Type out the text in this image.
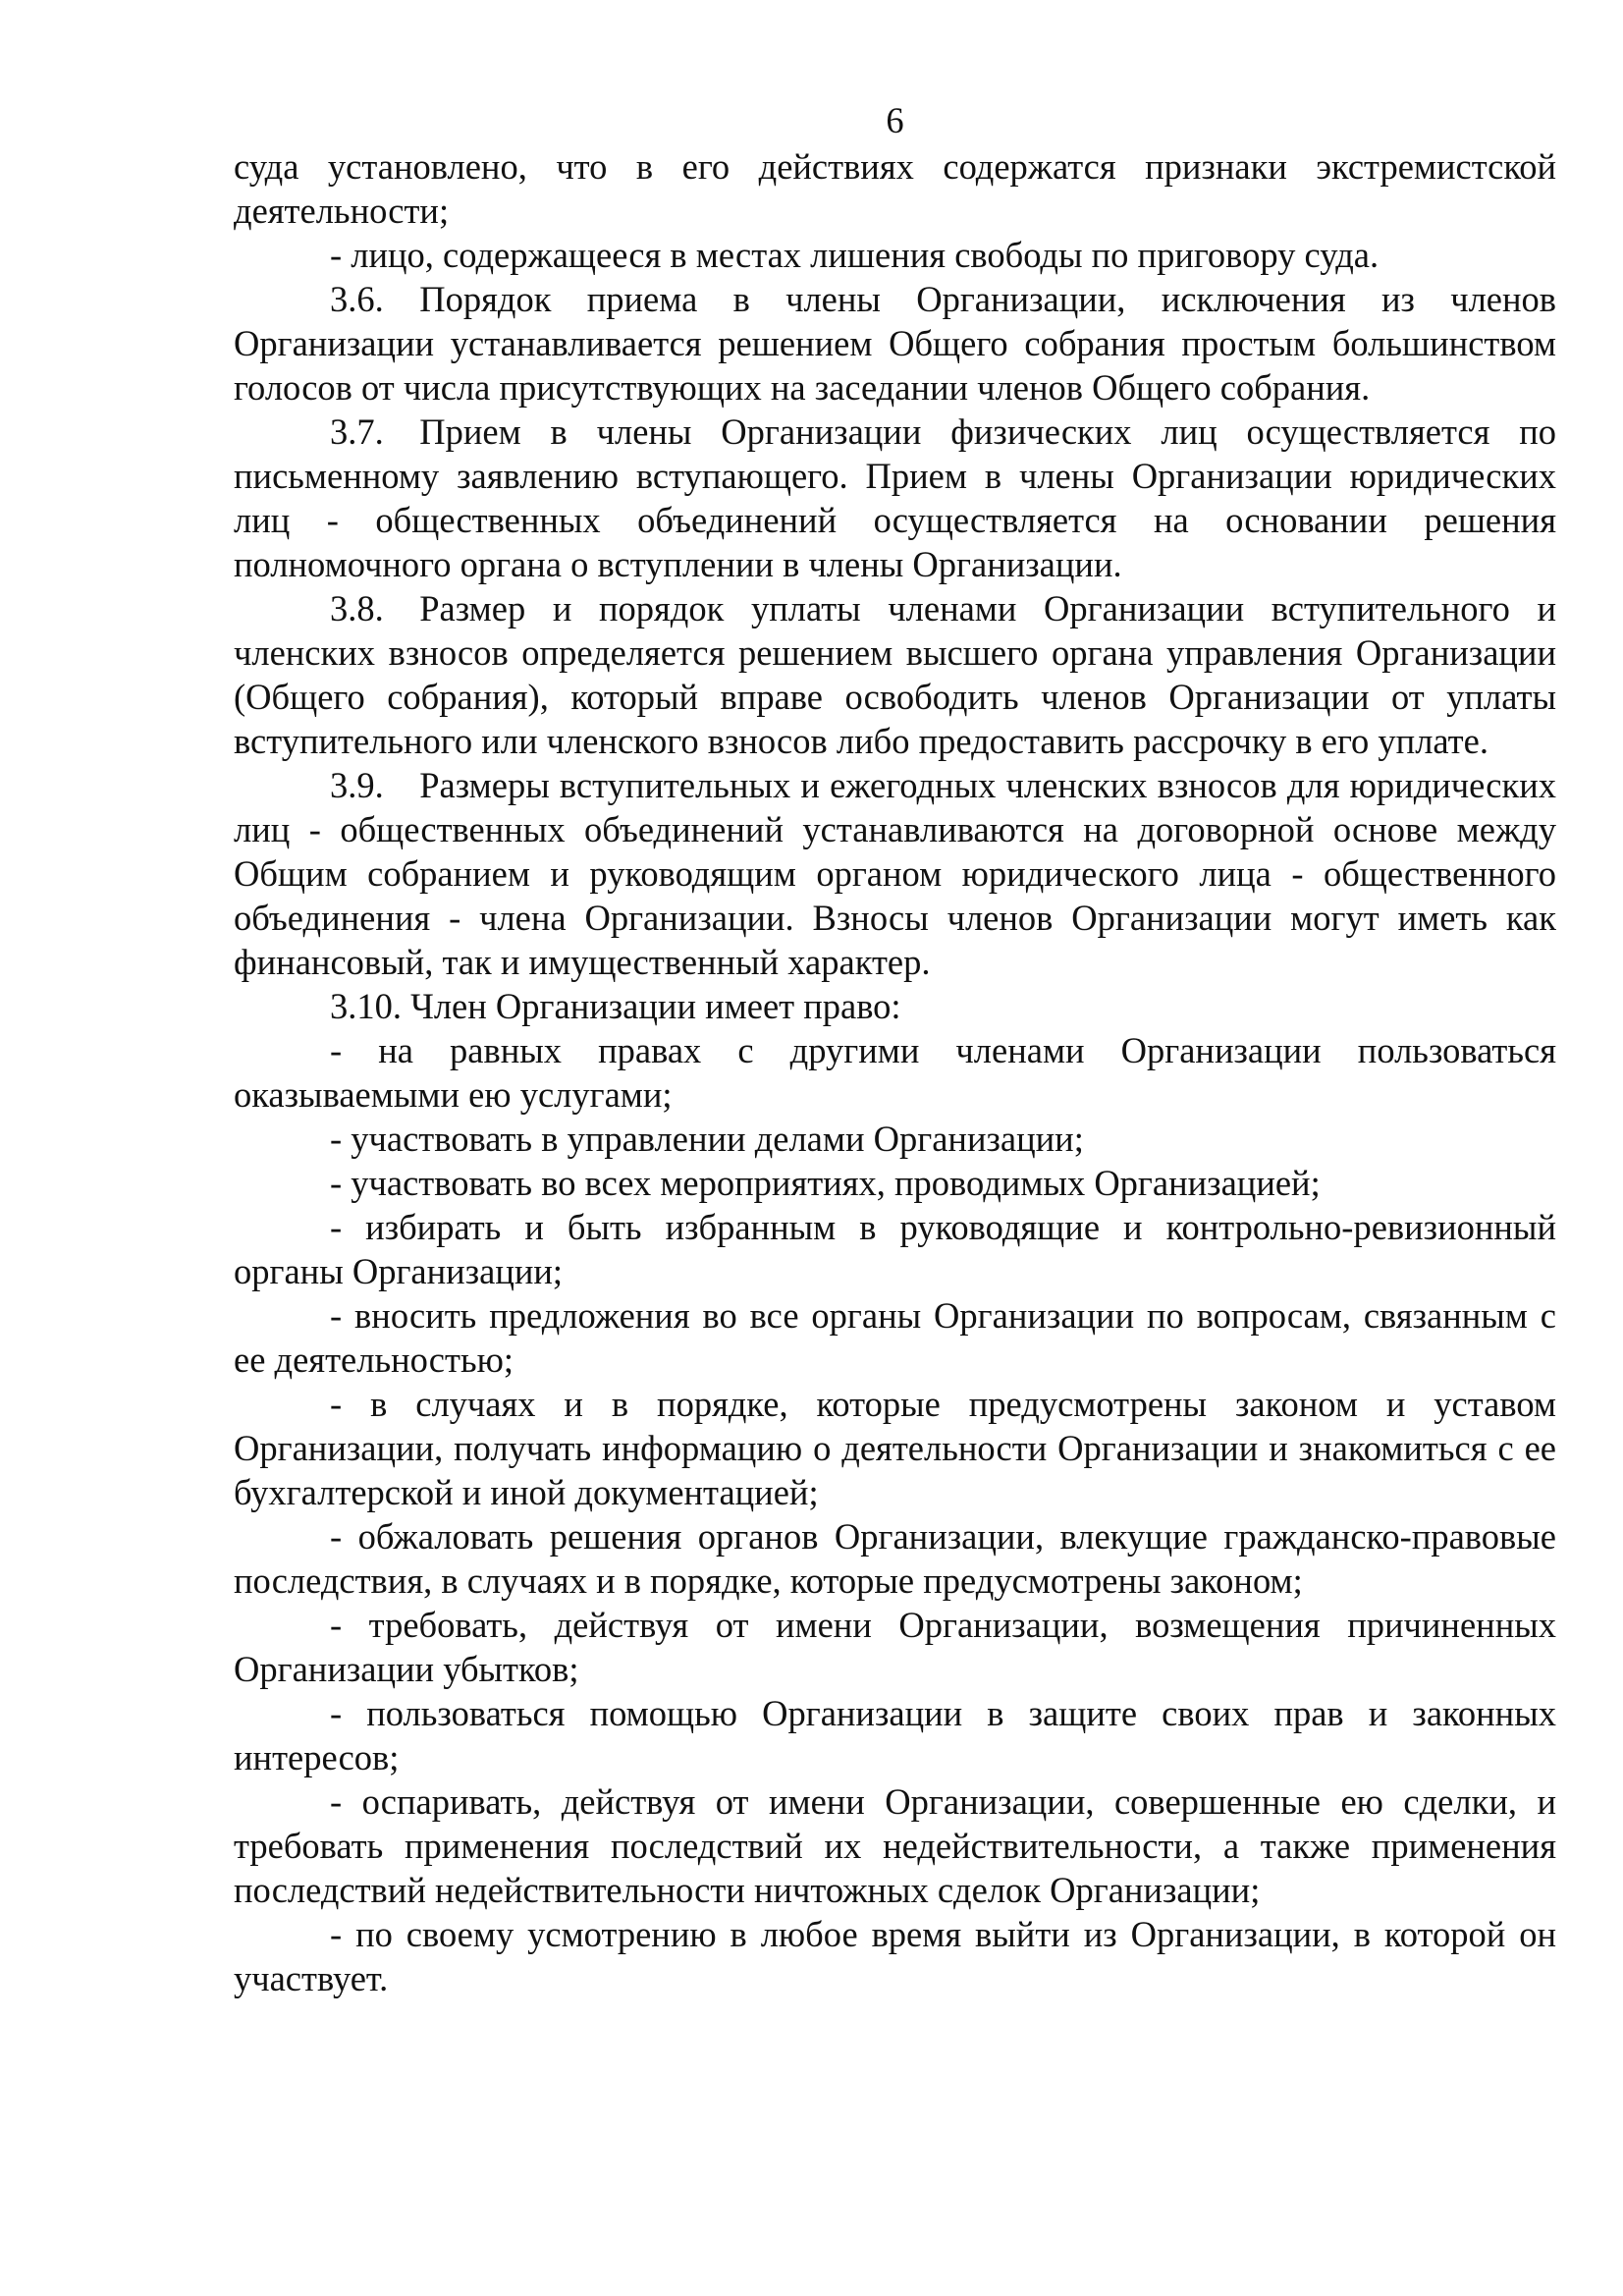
6

суда установлено, что в его действиях содержатся признаки экстремистской деятельности;

- лицо, содержащееся в местах лишения свободы по приговору суда.

3.6. Порядок приема в члены Организации, исключения из членов Организации устанавливается решением Общего собрания простым большинством голосов от числа присутствующих на заседании членов Общего собрания.

3.7. Прием в члены Организации физических лиц осуществляется по письменному заявлению вступающего. Прием в члены Организации юридических лиц - общественных объединений осуществляется на основании решения полномочного органа о вступлении в члены Организации.

3.8. Размер и порядок уплаты членами Организации вступительного и членских взносов определяется решением высшего органа управления Организации (Общего собрания), который вправе освободить членов Организации от уплаты вступительного или членского взносов либо предоставить рассрочку в его уплате.

3.9. Размеры вступительных и ежегодных членских взносов для юридических лиц - общественных объединений устанавливаются на договорной основе между Общим собранием и руководящим органом юридического лица - общественного объединения - члена Организации. Взносы членов Организации могут иметь как финансовый, так и имущественный характер.

3.10. Член Организации имеет право:

- на равных правах с другими членами Организации пользоваться оказываемыми ею услугами;

- участвовать в управлении делами Организации;

- участвовать во всех мероприятиях, проводимых Организацией;

- избирать и быть избранным в руководящие и контрольно-ревизионный органы Организации;

- вносить предложения во все органы Организации по вопросам, связанным с ее деятельностью;

- в случаях и в порядке, которые предусмотрены законом и уставом Организации, получать информацию о деятельности Организации и знакомиться с ее бухгалтерской и иной документацией;

- обжаловать решения органов Организации, влекущие гражданско-правовые последствия, в случаях и в порядке, которые предусмотрены законом;

- требовать, действуя от имени Организации, возмещения причиненных Организации убытков;

- пользоваться помощью Организации в защите своих прав и законных интересов;

- оспаривать, действуя от имени Организации, совершенные ею сделки, и требовать применения последствий их недействительности, а также применения последствий недействительности ничтожных сделок Организации;

- по своему усмотрению в любое время выйти из Организации, в которой он участвует.
